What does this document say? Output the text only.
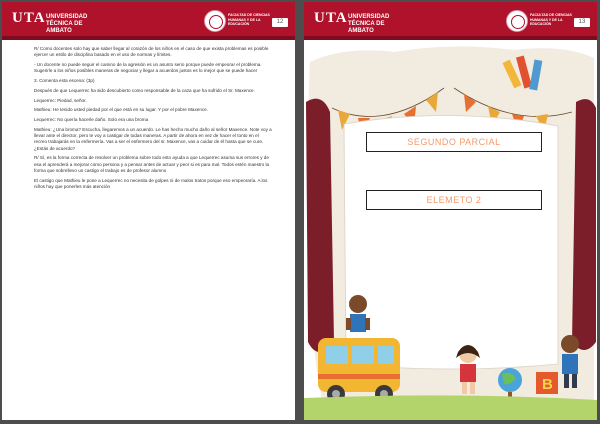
UTA UNIVERSIDAD
TÉCNICA DE AMBATO
FACULTAD DE CIENCIAS HUMANAS Y DE LA EDUCACIÓN	12

R/ Como docentes solo hay que saber llegar al corazón de los niños en el caso de que exista problemas es posible ejercer un estilo de disciplina basado en el uso de normas y límites.

- Un docente no puede seguir el camino de la agresión es un asunto serio porque puede empeorar el problema. Sugerirle a los niños posibles maneras de negociar y llegar a acuerdos justos es lo mejor que se puede hacer

3. Comenta esta escena: (3p)

Después de que Lequerrec ha sido descubierto como responsable de la caza que ha sufrido el Sr. Maxence.

Lequerrec: Piedad, señor.

Mathieu: He tenido usted piedad por el que está en su lugar. Y por el pobre Maxence.

Lequerrec: No quería hacerle daño. Solo era una broma

Mathieu: ¿Una broma? Escucha, llegaremos a un acuerdo. Le has hecho mucho daño al señor Maxence. Note voy a llevar ante el director, pero te voy a castigar de todas maneras. A partir de ahora en vez de hacer el tonto en el recreo trabajarás en la enfermería. Vas a ser el enfermero del sr. Maxence, vas a cuidar de él hasta que se cure. ¿Estás de acuerdo?

R/ Sí, es la forma correcta de resolver un problema sobre todo esto ayuda a que Lequerrec asuma sus errores y de esa el aprenderá a mejorar como persona y a pensar antes de actuar y peor si es para mal. Todos estén maestro la forma que sobrellevo un castigo el trabajo es de profesor alumno

El castigo que Mathieu le pone a Lequerrec no necesita de golpes ni de malos tratos porque eso empeoraría. A los niños hay que ponerles más atención

UTA UNIVERSIDAD
TÉCNICA DE AMBATO
FACULTAD DE CIENCIAS HUMANAS Y DE LA EDUCACIÓN	13
B
SEGUNDO PARCIAL
ELEMETO 2
